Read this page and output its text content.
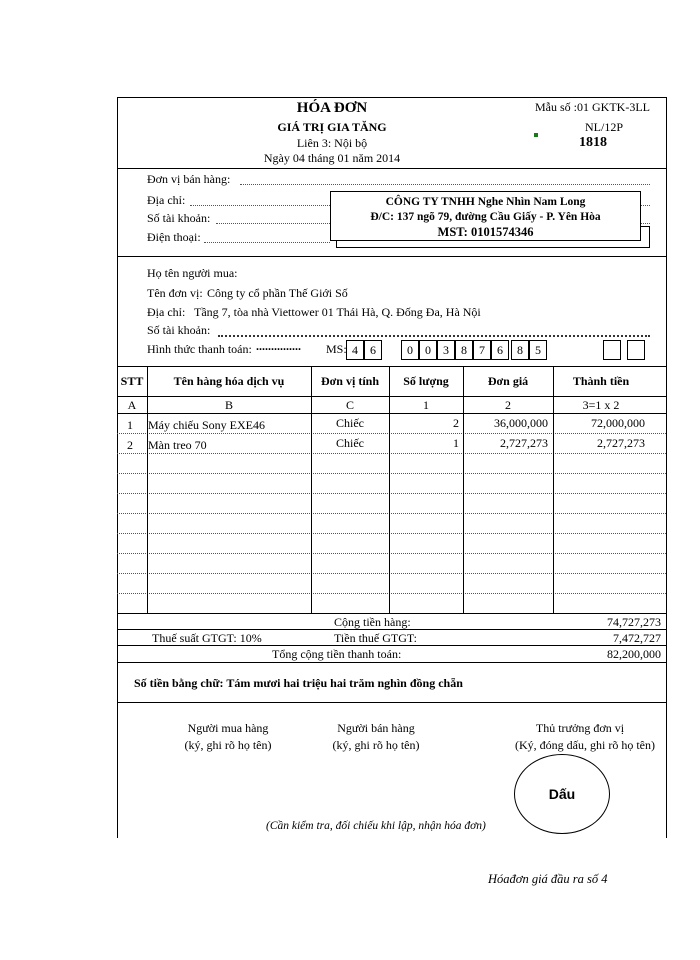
HÓA ĐƠN
GIÁ TRỊ GIA TĂNG
Liên 3: Nội bộ
Ngày 04 tháng 01 năm 2014
Mẫu số :01 GKTK-3LL
NL/12P
1818
Đơn vị bán hàng:
Địa chỉ:
Số tài khoản:
Điện thoại:
CÔNG TY TNHH Nghe Nhìn Nam Long
Đ/C: 137 ngõ 79, đường Cầu Giấy - P. Yên Hòa
MST: 0101574346
Họ tên người mua:
Tên đơn vị: Công ty cổ phần Thế Giới Số
Địa chỉ: Tầng 7, tòa nhà Viettower 01 Thái Hà, Q. Đống Đa, Hà Nội
Số tài khoản:
Hình thức thanh toán: ............... MS: 4	6	0	0	3	8	7	6	8	5
STT	Tên hàng hóa dịch vụ	Đơn vị tính	Số lượng	Đơn giá	Thành tiền
A	B	C	1	2	3=1 x 2
1 Máy chiếu Sony EXE46	Chiếc	2	36,000,000	72,000,000
2 Màn treo 70	Chiếc	1	2,727,273	2,727,273
Cộng tiền hàng:	74,727,273
Thuế suất GTGT: 10%	Tiền thuế GTGT:	7,472,727
Tổng cộng tiền thanh toán:	82,200,000
Số tiền bằng chữ: Tám mươi hai triệu hai trăm nghìn đồng chẵn
Người mua hàng
(ký, ghi rõ họ tên)
Người bán hàng
(ký, ghi rõ họ tên)
Thủ trưởng đơn vị
(Ký, đóng dấu, ghi rõ họ tên)
Dấu
(Cần kiểm tra, đối chiếu khi lập, nhận hóa đơn)
Hóađơn giá đầu ra số 4
